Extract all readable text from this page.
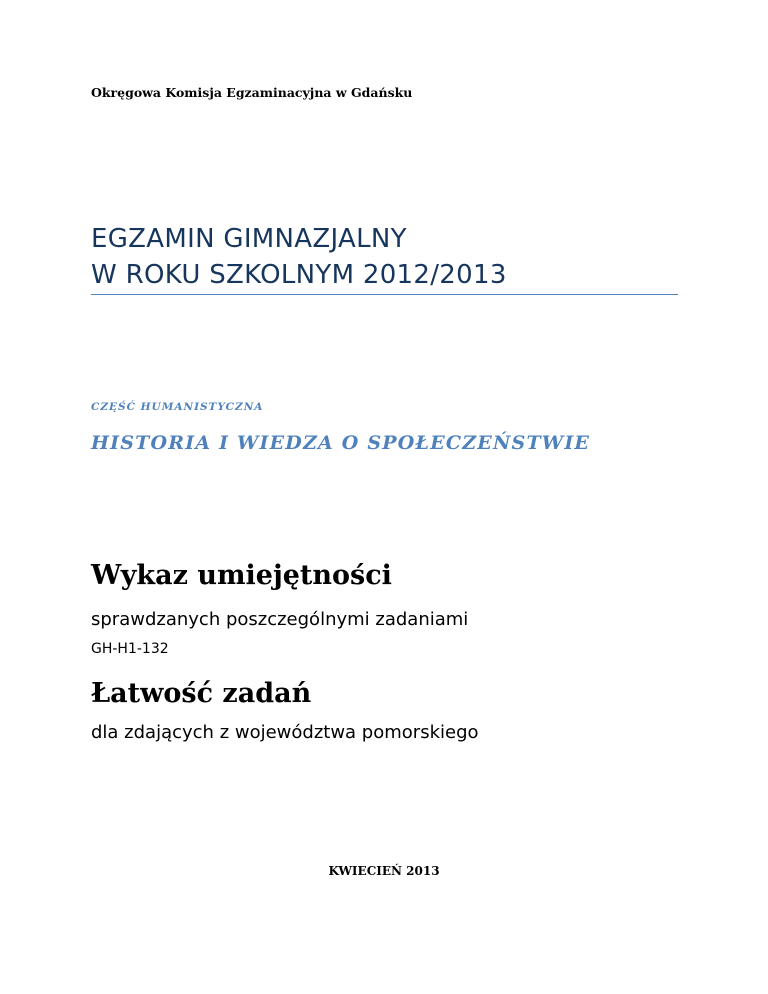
Okręgowa Komisja Egzaminacyjna w Gdańsku
EGZAMIN GIMNAZJALNY
W ROKU SZKOLNYM 2012/2013
CZĘŚĆ HUMANISTYCZNA
HISTORIA I WIEDZA O SPOŁECZEŃSTWIE
Wykaz umiejętności
sprawdzanych poszczególnymi zadaniami
GH-H1-132
Łatwość zadań
dla zdających z województwa pomorskiego
KWIECIEŃ 2013
